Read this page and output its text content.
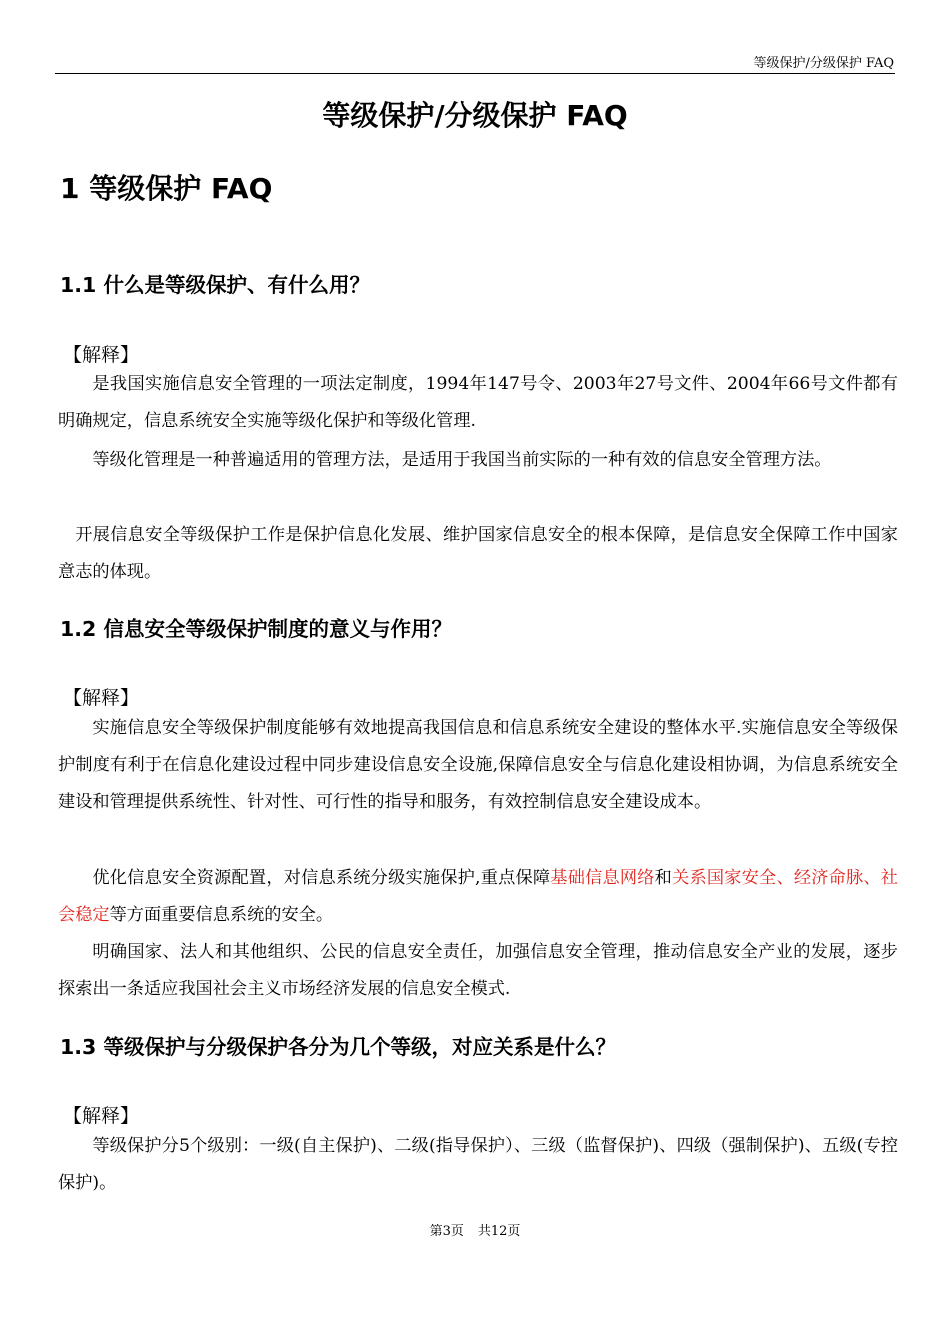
等级保护/分级保护 FAQ
等级保护/分级保护 FAQ
1 等级保护 FAQ
1.1 什么是等级保护、有什么用？
【解释】

是我国实施信息安全管理的一项法定制度，1994年147号令、2003年27号文件、2004年66号文件都有明确规定，信息系统安全实施等级化保护和等级化管理.

等级化管理是一种普遍适用的管理方法，是适用于我国当前实际的一种有效的信息安全管理方法。

开展信息安全等级保护工作是保护信息化发展、维护国家信息安全的根本保障，是信息安全保障工作中国家意志的体现。

1.2 信息安全等级保护制度的意义与作用？
【解释】

实施信息安全等级保护制度能够有效地提高我国信息和信息系统安全建设的整体水平.实施信息安全等级保护制度有利于在信息化建设过程中同步建设信息安全设施,保障信息安全与信息化建设相协调，为信息系统安全建设和管理提供系统性、针对性、可行性的指导和服务，有效控制信息安全建设成本。

优化信息安全资源配置，对信息系统分级实施保护,重点保障基础信息网络和关系国家安全、经济命脉、社会稳定等方面重要信息系统的安全。

明确国家、法人和其他组织、公民的信息安全责任，加强信息安全管理，推动信息安全产业的发展，逐步探索出一条适应我国社会主义市场经济发展的信息安全模式.

1.3 等级保护与分级保护各分为几个等级，对应关系是什么？
【解释】

等级保护分5个级别：一级(自主保护)、二级(指导保护）、三级（监督保护)、四级（强制保护)、五级(专控保护)。

第3页 共12页
